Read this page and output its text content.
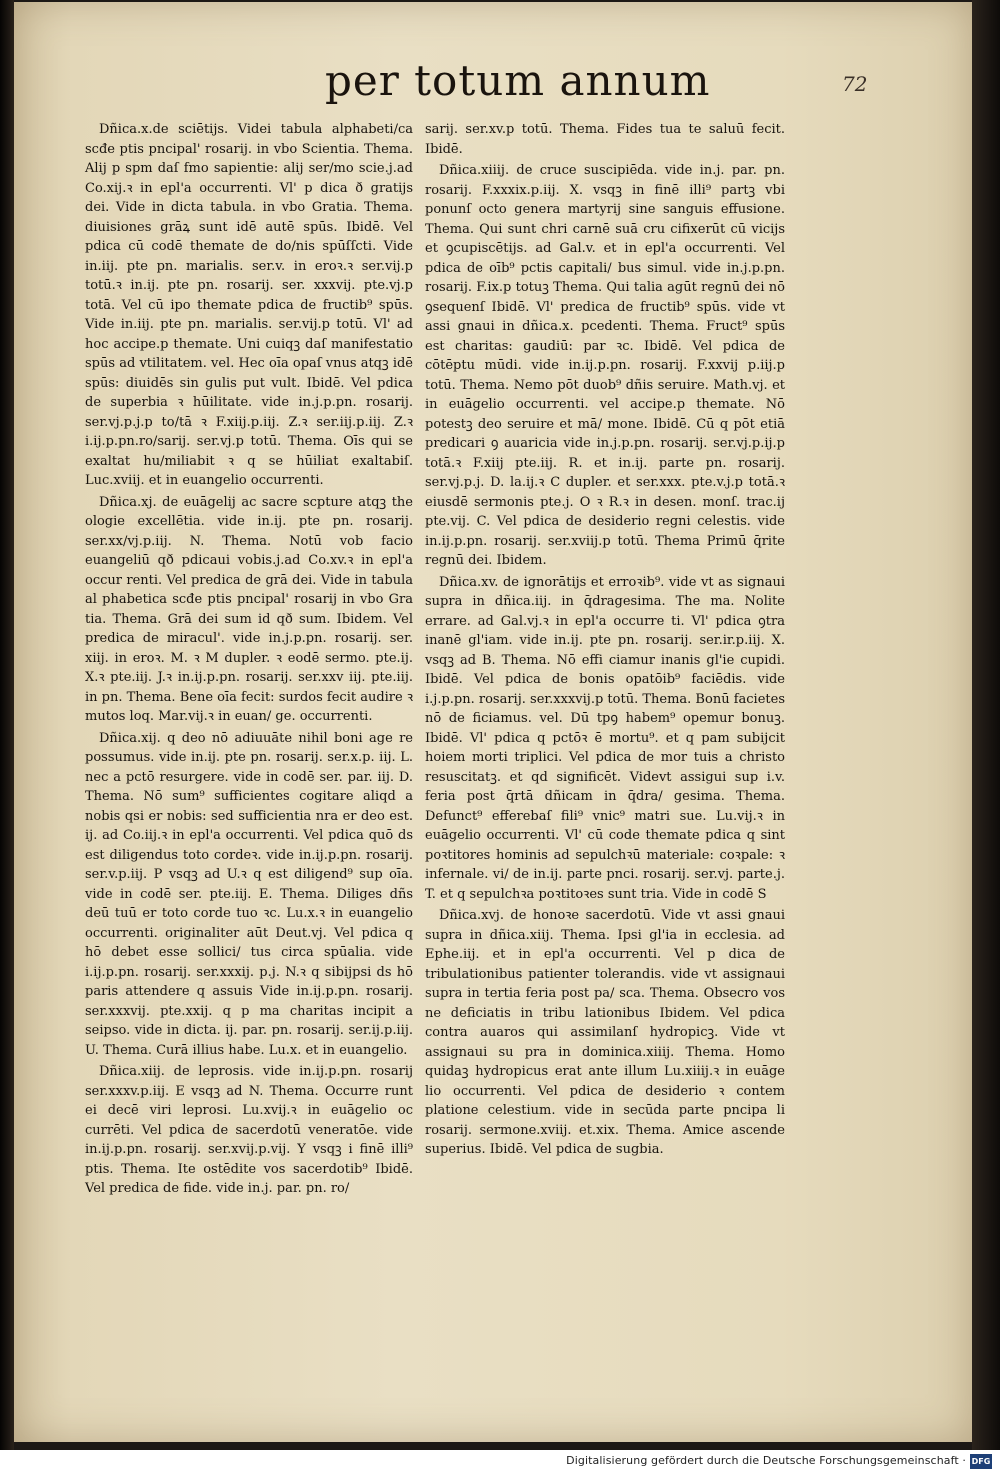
per totum annum	72

Dñica.x.de sciētijs. Videi tabula alphabeti/ca scđe ptis pncipal' rosarij. in vbo Scientia. Thema. Alij p spm daſ fmo sapientie: alij ser/mo scie.j.ad Co.xij.ꝛ in epl'a occurrenti. Vl' p dica ð gratijs dei. Vide in dicta tabula. in vbo Gratia. Thema. diuisiones grāꝝ sunt idē autē spūs. Ibidē. Vel pdica cū codē themate de do/nis spūſſcti. Vide in.iij. pte pn. marialis. ser.v. in eroꝛ.ꝛ ser.vij.p totū.ꝛ in.ij. pte pn. rosarij. ser. xxxvij. pte.vj.p totā. Vel cū ipo themate pdica de fructib⁹ spūs. Vide in.iij. pte pn. marialis. ser.vij.p totū. Vl' ad hoc accipe.p themate. Uni cuiqꝫ daſ manifestatio spūs ad vtilitatem. vel. Hec oīa opaſ vnus atqꝫ idē spūs: diuidēs sin gulis put vult. Ibidē. Vel pdica de superbia ꝛ hūilitate. vide in.j.p.pn. rosarij. ser.vj.p.j.p to/tā ꝛ F.xiij.p.iij. Z.ꝛ ser.iij.p.iij. Z.ꝛ i.ij.p.pn.ro/sarij. ser.vj.p totū. Thema. Oīs qui se exaltat hu/miliabit ꝛ q se hūiliat exaltabiſ. Luc.xviij. et in euangelio occurrenti.

Dñica.xj. de euāgelij ac sacre scpture atqꝫ the ologie excellētia. vide in.ij. pte pn. rosarij. ser.xx/vj.p.iij. N. Thema. Notū vob facio euangeliū qð pdicaui vobis.j.ad Co.xv.ꝛ in epl'a occur renti. Vel predica de grā dei. Vide in tabula al phabetica scđe ptis pncipal' rosarij in vbo Gra tia. Thema. Grā dei sum id qð sum. Ibidem. Vel predica de miracul'. vide in.j.p.pn. rosarij. ser. xiij. in eroꝛ. M. ꝛ M dupler. ꝛ eodē sermo. pte.ij. X.ꝛ pte.iij. J.ꝛ in.ij.p.pn. rosarij. ser.xxv iij. pte.iij. in pn. Thema. Bene oīa fecit: surdos fecit audire ꝛ mutos loq. Mar.vij.ꝛ in euan/ ge. occurrenti.

Dñica.xij. q deo nō adiuuāte nihil boni age re possumus. vide in.ij. pte pn. rosarij. ser.x.p. iij. L. nec a pctō resurgere. vide in codē ser. par. iij. D. Thema. Nō sum⁹ sufficientes cogitare aliqd a nobis qsi er nobis: sed sufficientia nra er deo est. ij. ad Co.iij.ꝛ in epl'a occurrenti. Vel pdica quō ds est diligendus toto cordeꝛ. vide in.ij.p.pn. rosarij. ser.v.p.iij. P vsqꝫ ad U.ꝛ q est diligend⁹ sup oīa. vide in codē ser. pte.iij. E. Thema. Diliges dñs deū tuū er toto corde tuo ꝛc. Lu.x.ꝛ in euangelio occurrenti. originaliter aūt Deut.vj. Vel pdica q hō debet esse sollici/ tus circa spūalia. vide i.ij.p.pn. rosarij. ser.xxxij. p.j. N.ꝛ q sibijpsi ds hō paris attendere q assuis Vide in.ij.p.pn. rosarij. ser.xxxvij. pte.xxij. q p ma charitas incipit a seipso. vide in dicta. ij. par. pn. rosarij. ser.ij.p.iij. U. Thema. Curā illius habe. Lu.x. et in euangelio.

Dñica.xiij. de leprosis. vide in.ij.p.pn. rosarij ser.xxxv.p.iij. E vsqꝫ ad N. Thema. Occurre runt ei decē viri leprosi. Lu.xvij.ꝛ in euāgelio oc currēti. Vel pdica de sacerdotū veneratōe. vide in.ij.p.pn. rosarij. ser.xvij.p.vij. Y vsqꝫ i finē illi⁹ ptis. Thema. Ite ostēdite vos sacerdotib⁹ Ibidē. Vel predica de fide. vide in.j. par. pn. ro/

sarij. ser.xv.p totū. Thema. Fides tua te saluū fecit. Ibidē.

Dñica.xiiij. de cruce suscipiēda. vide in.j. par. pn. rosarij. F.xxxix.p.iij. X. vsqꝫ in finē illi⁹ partꝫ vbi ponunſ octo genera martyrij sine sanguis effusione. Thema. Qui sunt chri carnē suā cru cifixerūt cū vicijs et ꝯcupiscētijs. ad Gal.v. et in epl'a occurrenti. Vel pdica de oīb⁹ pctis capitali/ bus simul. vide in.j.p.pn. rosarij. F.ix.p totuꝫ Thema. Qui talia agūt regnū dei nō ꝯsequenſ Ibidē. Vl' predica de fructib⁹ spūs. vide vt assi gnaui in dñica.x. pcedenti. Thema. Fruct⁹ spūs est charitas: gaudiū: par ꝛc. Ibidē. Vel pdica de cōtēptu mūdi. vide in.ij.p.pn. rosarij. F.xxvij p.iij.p totū. Thema. Nemo pōt duob⁹ dñis seruire. Math.vj. et in euāgelio occurrenti. vel accipe.p themate. Nō potestꝫ deo seruire et mā/ mone. Ibidē. Cū q pōt etiā predicari ꝯ auaricia vide in.j.p.pn. rosarij. ser.vj.p.ij.p totā.ꝛ F.xiij pte.iij. R. et in.ij. parte pn. rosarij. ser.vj.p.j. D. la.ij.ꝛ C dupler. et ser.xxx. pte.v.j.p totā.ꝛ eiusdē sermonis pte.j. O ꝛ R.ꝛ in desen. monſ. trac.ij pte.vij. C. Vel pdica de desiderio regni celestis. vide in.ij.p.pn. rosarij. ser.xviij.p totū. Thema Primū q̄rite regnū dei. Ibidem.

Dñica.xv. de ignorātijs et erroꝛib⁹. vide vt as signaui supra in dñica.iij. in q̄dragesima. The ma. Nolite errare. ad Gal.vj.ꝛ in epl'a occurre ti. Vl' pdica ꝯtra inanē gl'iam. vide in.ij. pte pn. rosarij. ser.ir.p.iij. X. vsqꝫ ad B. Thema. Nō effi ciamur inanis gl'ie cupidi. Ibidē. Vel pdica de bonis opatōib⁹ faciēdis. vide i.j.p.pn. rosarij. ser.xxxvij.p totū. Thema. Bonū facietes nō de ficiamus. vel. Dū tpꝯ habem⁹ opemur bonuꝫ. Ibidē. Vl' pdica q pctōꝛ ē mortu⁹. et q pam subijcit hoiem morti triplici. Vel pdica de mor tuis a christo resuscitatꝫ. et qd significēt. Videvt assigui sup i.v. feria post q̄rtā dñicam in q̄dra/ gesima. Thema. Defunct⁹ efferebaſ fili⁹ vnic⁹ matri sue. Lu.vij.ꝛ in euāgelio occurrenti. Vl' cū code themate pdica q sint poꝛtitores hominis ad sepulchꝛū materiale: coꝛpale: ꝛ infernale. vi/ de in.ij. parte pnci. rosarij. ser.vj. parte.j. T. et q sepulchꝛa poꝛtitoꝛes sunt tria. Vide in codē S

Dñica.xvj. de honoꝛe sacerdotū. Vide vt assi gnaui supra in dñica.xiij. Thema. Ipsi gl'ia in ecclesia. ad Ephe.iij. et in epl'a occurrenti. Vel p dica de tribulationibus patienter tolerandis. vide vt assignaui supra in tertia feria post pa/ sca. Thema. Obsecro vos ne deficiatis in tribu lationibus Ibidem. Vel pdica contra auaros qui assimilanſ hydropicꝫ. Vide vt assignaui su pra in dominica.xiiij. Thema. Homo quidaꝫ hydropicus erat ante illum Lu.xiiij.ꝛ in euāge lio occurrenti. Vel pdica de desiderio ꝛ contem platione celestium. vide in secūda parte pncipa li rosarij. sermone.xviij. et.xix. Thema. Amice ascende superius. Ibidē. Vel pdica de sugbia.

Digitalisierung gefördert durch die Deutsche Forschungsgemeinschaft · DFG
